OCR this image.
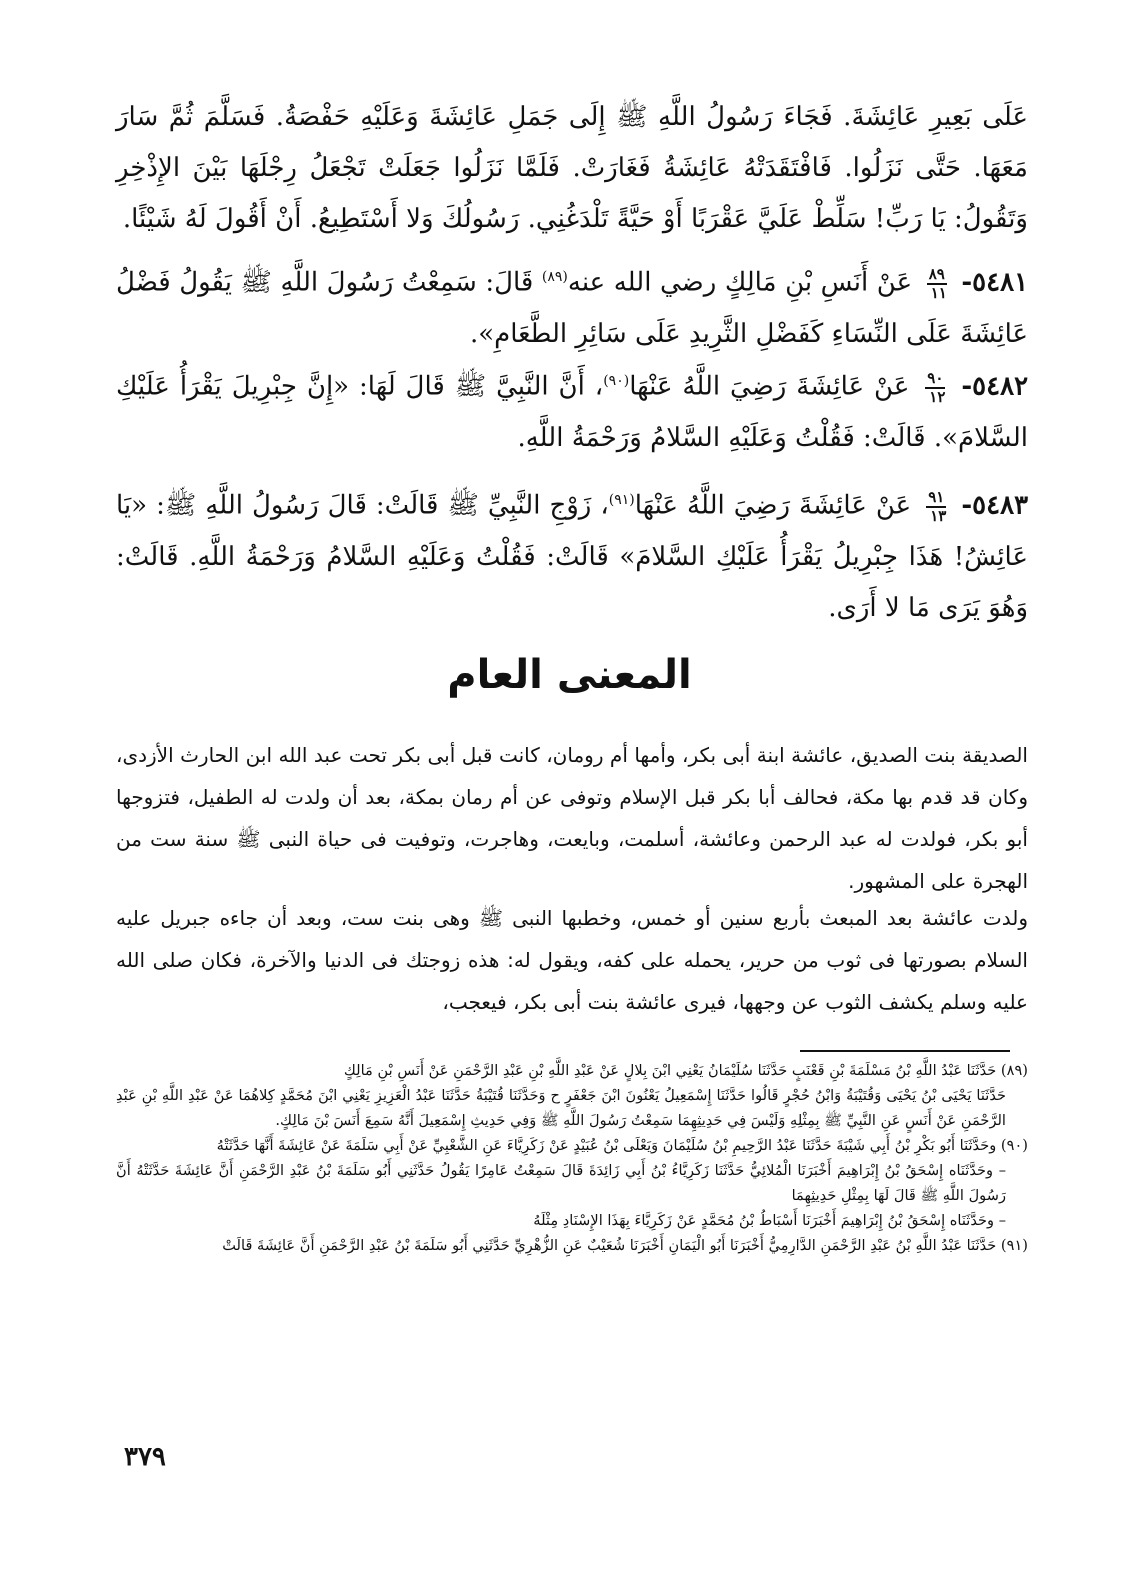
عَلَى بَعِيرِ عَائِشَةَ. فَجَاءَ رَسُولُ اللَّهِ ﷺ إِلَى جَمَلِ عَائِشَةَ وَعَلَيْهِ حَفْصَةُ. فَسَلَّمَ ثُمَّ سَارَ مَعَهَا. حَتَّى نَزَلُوا. فَافْتَقَدَتْهُ عَائِشَةُ فَغَارَتْ. فَلَمَّا نَزَلُوا جَعَلَتْ تَجْعَلُ رِجْلَهَا بَيْنَ الإِذْخِرِ وَتَقُولُ: يَا رَبِّ! سَلِّطْ عَلَيَّ عَقْرَبًا أَوْ حَيَّةً تَلْدَغُنِي. رَسُولُكَ وَلا أَسْتَطِيعُ. أَنْ أَقُولَ لَهُ شَيْئًا.

٥٤٨١-
$\frac{٨٩}{١١}$
عَنْ أَنَسِ بْنِ مَالِكٍ رضي الله عنه$^{(٨٩)}$ قَالَ: سَمِعْتُ رَسُولَ اللَّهِ ﷺ يَقُولُ فَضْلُ عَائِشَةَ عَلَى النِّسَاءِ كَفَضْلِ الثَّرِيدِ عَلَى سَائِرِ الطَّعَامِ».

٥٤٨٢-
$\frac{٩٠}{١٢}$
عَنْ عَائِشَةَ رَضِيَ اللَّهُ عَنْهَا$^{(٩٠)}$، أَنَّ النَّبِيَّ ﷺ قَالَ لَهَا: «إِنَّ جِبْرِيلَ يَقْرَأُ عَلَيْكِ السَّلامَ». قَالَتْ: فَقُلْتُ وَعَلَيْهِ السَّلامُ وَرَحْمَةُ اللَّهِ.

٥٤٨٣-
$\frac{٩١}{١٣}$
عَنْ عَائِشَةَ رَضِيَ اللَّهُ عَنْهَا$^{(٩١)}$، زَوْجِ النَّبِيِّ ﷺ قَالَتْ: قَالَ رَسُولُ اللَّهِ ﷺ: «يَا عَائِشُ! هَذَا جِبْرِيلُ يَقْرَأُ عَلَيْكِ السَّلامَ» قَالَتْ: فَقُلْتُ وَعَلَيْهِ السَّلامُ وَرَحْمَةُ اللَّهِ. قَالَتْ: وَهُوَ يَرَى مَا لا أَرَى.

المعنى العام

الصديقة بنت الصديق، عائشة ابنة أبى بكر، وأمها أم رومان، كانت قبل أبى بكر تحت عبد الله ابن الحارث الأزدى، وكان قد قدم بها مكة، فحالف أبا بكر قبل الإسلام وتوفى عن أم رمان بمكة، بعد أن ولدت له الطفيل، فتزوجها أبو بكر، فولدت له عبد الرحمن وعائشة، أسلمت، وبايعت، وهاجرت، وتوفيت فى حياة النبى ﷺ سنة ست من الهجرة على المشهور.

ولدت عائشة بعد المبعث بأربع سنين أو خمس، وخطبها النبى ﷺ وهى بنت ست، وبعد أن جاءه جبريل عليه السلام بصورتها فى ثوب من حرير، يحمله على كفه، ويقول له: هذه زوجتك فى الدنيا والآخرة، فكان صلى الله عليه وسلم يكشف الثوب عن وجهها، فيرى عائشة بنت أبى بكر، فيعجب،

(٨٩) حَدَّثَنَا عَبْدُ اللَّهِ بْنُ مَسْلَمَةَ بْنِ قَعْنَبٍ حَدَّثَنَا سُلَيْمَانُ يَعْنِي ابْنَ بِلالٍ عَنْ عَبْدِ اللَّهِ بْنِ عَبْدِ الرَّحْمَنِ عَنْ أَنَسِ بْنِ مَالِكٍ

حَدَّثَنَا يَحْيَى بْنُ يَحْيَى وَقُتَيْبَةُ وَابْنُ حُجْرٍ قَالُوا حَدَّثَنَا إِسْمَعِيلُ يَعْنُونَ ابْنَ جَعْفَرٍ ح وَحَدَّثَنَا قُتَيْبَةُ حَدَّثَنَا عَبْدُ الْعَزِيزِ يَعْنِي ابْنَ مُحَمَّدٍ كِلاهُمَا عَنْ عَبْدِ اللَّهِ بْنِ عَبْدِ الرَّحْمَنِ عَنْ أَنَسٍ عَنِ النَّبِيِّ ﷺ بِمِثْلِهِ وَلَيْسَ فِي حَدِيثِهِمَا سَمِعْتُ رَسُولَ اللَّهِ ﷺ وَفِي حَدِيثِ إِسْمَعِيلَ أَنَّهُ سَمِعَ أَنَسَ بْنَ مَالِكٍ.

(٩٠) وحَدَّثَنَا أَبُو بَكْرِ بْنُ أَبِي شَيْبَةَ حَدَّثَنَا عَبْدُ الرَّحِيمِ بْنُ سُلَيْمَانَ وَيَعْلَى بْنُ عُبَيْدٍ عَنْ زَكَرِيَّاءَ عَنِ الشَّعْبِيِّ عَنْ أَبِي سَلَمَةَ عَنْ عَائِشَةَ أَنَّهَا حَدَّثَتْهُ

– وحَدَّثَنَاه إِسْحَقُ بْنُ إِبْرَاهِيمَ أَخْبَرَنَا الْمُلائِيُّ حَدَّثَنَا زَكَرِيَّاءُ بْنُ أَبِي زَائِدَةَ قَالَ سَمِعْتُ عَامِرًا يَقُولُ حَدَّثَنِي أَبُو سَلَمَةَ بْنُ عَبْدِ الرَّحْمَنِ أَنَّ عَائِشَةَ حَدَّثَتْهُ أَنَّ رَسُولَ اللَّهِ ﷺ قَالَ لَهَا بِمِثْلِ حَدِيثِهِمَا

– وحَدَّثَنَاه إِسْحَقُ بْنُ إِبْرَاهِيمَ أَخْبَرَنَا أَسْبَاطُ بْنُ مُحَمَّدٍ عَنْ زَكَرِيَّاءَ بِهَذَا الإِسْنَادِ مِثْلَهُ

(٩١) حَدَّثَنَا عَبْدُ اللَّهِ بْنُ عَبْدِ الرَّحْمَنِ الدَّارِمِيُّ أَخْبَرَنَا أَبُو الْيَمَانِ أَخْبَرَنَا شُعَيْبٌ عَنِ الزُّهْرِيِّ حَدَّثَنِي أَبُو سَلَمَةَ بْنُ عَبْدِ الرَّحْمَنِ أَنَّ عَائِشَةَ قَالَتْ

٣٧٩
